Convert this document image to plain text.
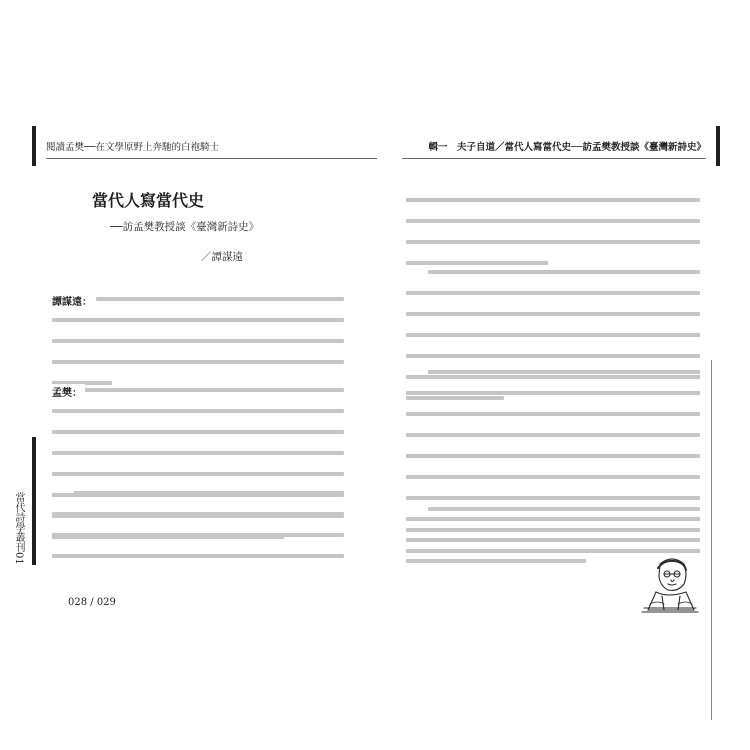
閱讀孟樊──在文學原野上奔馳的白袍騎士	輯一　夫子自道／當代人寫當代史──訪孟樊教授談《臺灣新詩史》
當代人寫當代史
──訪孟樊教授談《臺灣新詩史》
／譚謀遠
譚謀遠：
孟樊：
028 / 029
當代詩學叢刊01
